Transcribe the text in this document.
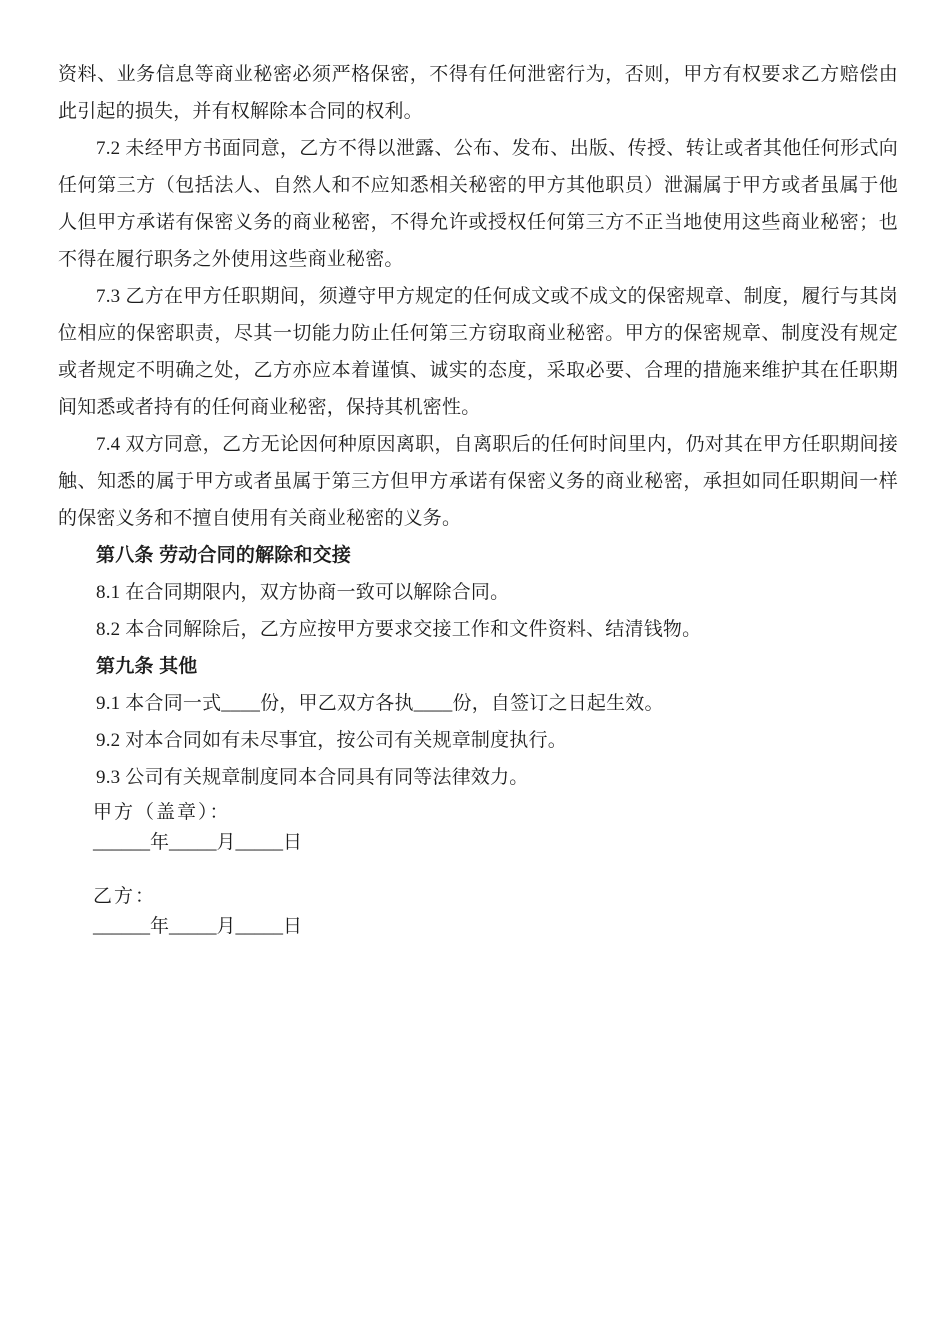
资料、业务信息等商业秘密必须严格保密，不得有任何泄密行为，否则，甲方有权要求乙方赔偿由此引起的损失，并有权解除本合同的权利。

7.2 未经甲方书面同意，乙方不得以泄露、公布、发布、出版、传授、转让或者其他任何形式向任何第三方（包括法人、自然人和不应知悉相关秘密的甲方其他职员）泄漏属于甲方或者虽属于他人但甲方承诺有保密义务的商业秘密，不得允许或授权任何第三方不正当地使用这些商业秘密；也不得在履行职务之外使用这些商业秘密。

7.3 乙方在甲方任职期间，须遵守甲方规定的任何成文或不成文的保密规章、制度，履行与其岗位相应的保密职责，尽其一切能力防止任何第三方窃取商业秘密。甲方的保密规章、制度没有规定或者规定不明确之处，乙方亦应本着谨慎、诚实的态度，采取必要、合理的措施来维护其在任职期间知悉或者持有的任何商业秘密，保持其机密性。

7.4 双方同意，乙方无论因何种原因离职，自离职后的任何时间里内，仍对其在甲方任职期间接触、知悉的属于甲方或者虽属于第三方但甲方承诺有保密义务的商业秘密，承担如同任职期间一样的保密义务和不擅自使用有关商业秘密的义务。

第八条 劳动合同的解除和交接

8.1 在合同期限内，双方协商一致可以解除合同。

8.2 本合同解除后，乙方应按甲方要求交接工作和文件资料、结清钱物。

第九条 其他

9.1 本合同一式____份，甲乙双方各执____份，自签订之日起生效。

9.2 对本合同如有未尽事宜，按公司有关规章制度执行。

9.3 公司有关规章制度同本合同具有同等法律效力。

甲方（盖章）：

______年_____月_____日

乙方：

______年_____月_____日
